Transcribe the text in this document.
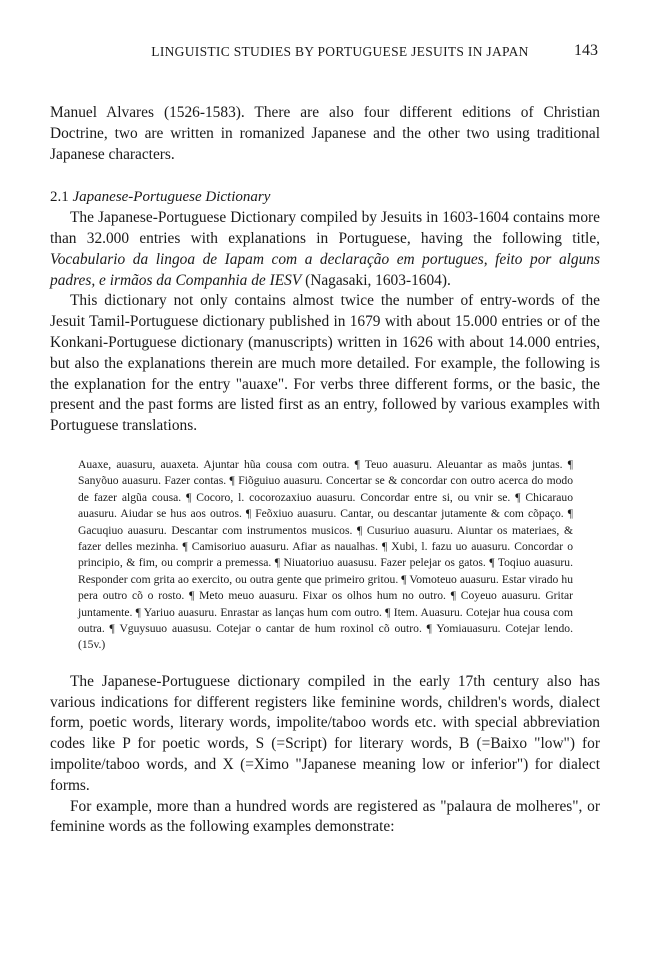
LINGUISTIC STUDIES BY PORTUGUESE JESUITS IN JAPAN	143

Manuel Alvares (1526-1583). There are also four different editions of Christian Doctrine, two are written in romanized Japanese and the other two using traditional Japanese characters.

2.1 Japanese-Portuguese Dictionary

The Japanese-Portuguese Dictionary compiled by Jesuits in 1603-1604 contains more than 32.000 entries with explanations in Portuguese, having the following title, Vocabulario da lingoa de Iapam com a declaração em portugues, feito por alguns padres, e irmãos da Companhia de IESV (Nagasaki, 1603-1604).

This dictionary not only contains almost twice the number of entry-words of the Jesuit Tamil-Portuguese dictionary published in 1679 with about 15.000 entries or of the Konkani-Portuguese dictionary (manuscripts) written in 1626 with about 14.000 entries, but also the explanations therein are much more detailed. For example, the following is the explanation for the entry "auaxe". For verbs three different forms, or the basic, the present and the past forms are listed first as an entry, followed by various examples with Portuguese translations.

Auaxe, auasuru, auaxeta. Ajuntar hũa cousa com outra. ¶ Teuo auasuru. Aleuantar as maõs juntas. ¶ Sanyõuo auasuru. Fazer contas. ¶ Fiõguiuo auasuru. Concertar se & concordar con outro acerca do modo de fazer algũa cousa. ¶ Cocoro, l. cocorozaxiuo auasuru. Concordar entre si, ou vnir se. ¶ Chicarauo auasuru. Aiudar se hus aos outros. ¶ Feõxiuo auasuru. Cantar, ou descantar jutamente & com cõpaço. ¶ Gacuqiuo auasuru. Descantar com instrumentos musicos. ¶ Cusuriuo auasuru. Aiuntar os materiaes, & fazer delles mezinha. ¶ Camisoriuo auasuru. Afiar as naualhas. ¶ Xubi, l. fazu uo auasuru. Concordar o principio, & fim, ou comprir a premessa. ¶ Niuatoriuo auasusu. Fazer pelejar os gatos. ¶ Toqiuo auasuru. Responder com grita ao exercito, ou outra gente que primeiro gritou. ¶ Vomoteuo auasuru. Estar virado hu pera outro cõ o rosto. ¶ Meto meuo auasuru. Fixar os olhos hum no outro. ¶ Coyeuo auasuru. Gritar juntamente. ¶ Yariuo auasuru. Enrastar as lanças hum com outro. ¶ Item. Auasuru. Cotejar hua cousa com outra. ¶ Vguysuuo auasusu. Cotejar o cantar de hum roxinol cõ outro. ¶ Yomiauasuru. Cotejar lendo. (15v.)

The Japanese-Portuguese dictionary compiled in the early 17th century also has various indications for different registers like feminine words, children's words, dialect form, poetic words, literary words, impolite/taboo words etc. with special abbreviation codes like P for poetic words, S (=Script) for literary words, B (=Baixo "low") for impolite/taboo words, and X (=Ximo "Japanese meaning low or inferior") for dialect forms.

For example, more than a hundred words are registered as "palaura de molheres", or feminine words as the following examples demonstrate:
